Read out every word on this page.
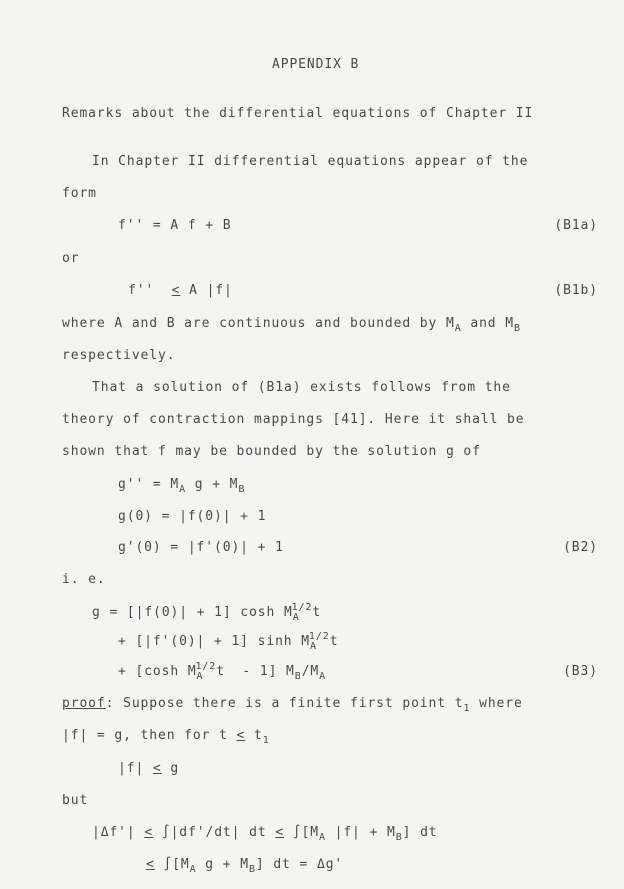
APPENDIX B
Remarks about the differential equations of Chapter II
In Chapter II differential equations appear of the
form
f'' = A f + B	(B1a)
or
f'' < A |f|	(B1b)
where A and B are continuous and bounded by $M_A$ and $M_B$
respectively.
That a solution of (B1a) exists follows from the
theory of contraction mappings [41]. Here it shall be
shown that f may be bounded by the solution g of
$g'' = M_A$ $g + M_B$
g(0) = |f(0)| + 1
g'(0) = |f'(0)| + 1	(B2)
i. e.
g = [|f(0)| + 1] $\cosh M_A^{1/2}t$
+ [|f'(0)| + 1] $\sinh M_A^{1/2}t$
+ [cosh $M_A^{1/2}t - 1$] $M_B/M_A$	(B3)
proof: Suppose there is a finite first point $t_1$ where
|f| = g, then for $t < t_1$
|f| < g
but
|Δf'| < ∫|df'/dt| dt < $\int[M_A$ $|f| + M_B$] dt
< $\int[M_A$ $g + M_B$] dt = Δg'
